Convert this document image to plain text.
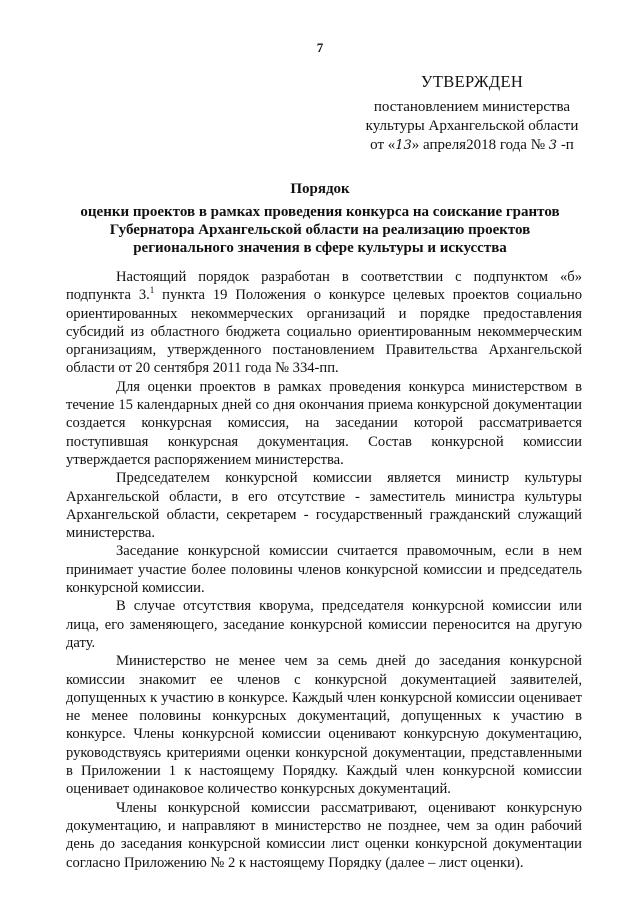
7
УТВЕРЖДЕН
постановлением министерства
культуры Архангельской области
от «13» апреля2018 года № 3 -п
Порядок
оценки проектов в рамках проведения конкурса на соискание грантов Губернатора Архангельской области на реализацию проектов регионального значения в сфере культуры и искусства

Настоящий порядок разработан в соответствии с подпунктом «б» подпункта 3.$^1$ пункта 19 Положения о конкурсе целевых проектов социально ориентированных некоммерческих организаций и порядке предоставления субсидий из областного бюджета социально ориентированным некоммерческим организациям, утвержденного постановлением Правительства Архангельской области от 20 сентября 2011 года № 334-пп.

Для оценки проектов в рамках проведения конкурса министерством в течение 15 календарных дней со дня окончания приема конкурсной документации создается конкурсная комиссия, на заседании которой рассматривается поступившая конкурсная документация. Состав конкурсной комиссии утверждается распоряжением министерства.

Председателем конкурсной комиссии является министр культуры Архангельской области, в его отсутствие - заместитель министра культуры Архангельской области, секретарем - государственный гражданский служащий министерства.

Заседание конкурсной комиссии считается правомочным, если в нем принимает участие более половины членов конкурсной комиссии и председатель конкурсной комиссии.

В случае отсутствия кворума, председателя конкурсной комиссии или лица, его заменяющего, заседание конкурсной комиссии переносится на другую дату.

Министерство не менее чем за семь дней до заседания конкурсной комиссии знакомит ее членов с конкурсной документацией заявителей, допущенных к участию в конкурсе. Каждый член конкурсной комиссии оценивает не менее половины конкурсных документаций, допущенных к участию в конкурсе. Члены конкурсной комиссии оценивают конкурсную документацию, руководствуясь критериями оценки конкурсной документации, представленными в Приложении 1 к настоящему Порядку. Каждый член конкурсной комиссии оценивает одинаковое количество конкурсных документаций.

Члены конкурсной комиссии рассматривают, оценивают конкурсную документацию, и направляют в министерство не позднее, чем за один рабочий день до заседания конкурсной комиссии лист оценки конкурсной документации согласно Приложению № 2 к настоящему Порядку (далее – лист оценки).
